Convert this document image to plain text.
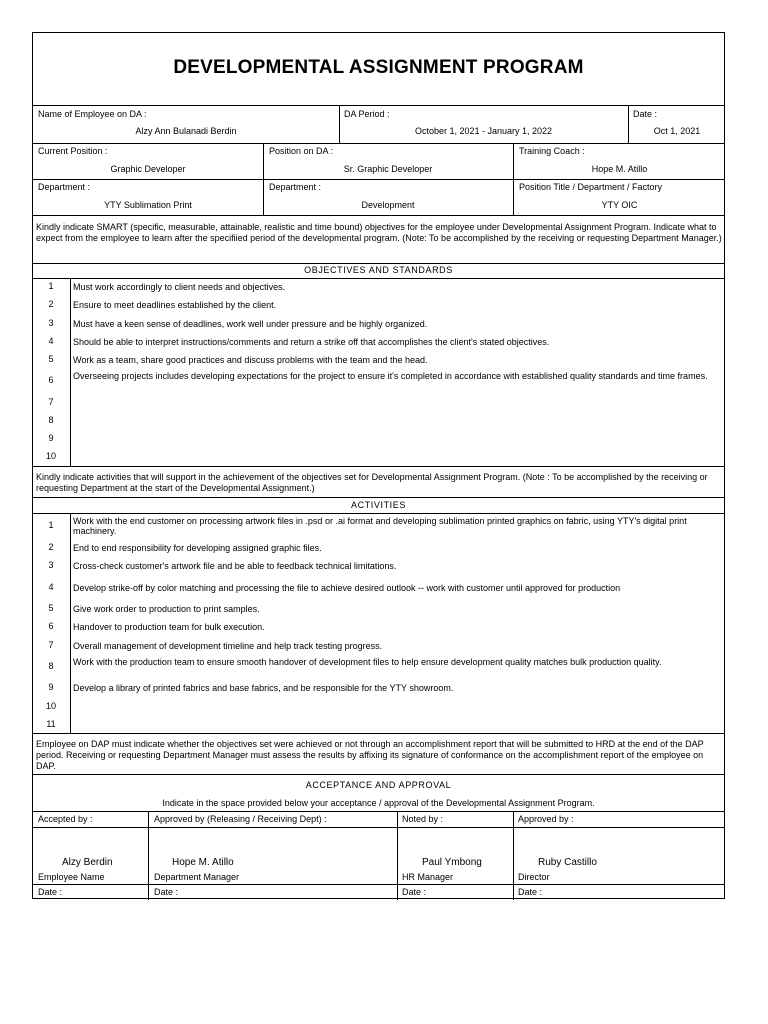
DEVELOPMENTAL ASSIGNMENT PROGRAM
Name of Employee on DA :
Alzy Ann Bulanadi Berdin
DA Period :
October 1, 2021 - January 1, 2022
Date :
Oct 1, 2021
Current Position :
Graphic Developer
Position on DA :
Sr. Graphic Developer
Training Coach :
Hope M. Atillo
Department :
YTY Sublimation Print
Department :
Development
Position Title / Department / Factory
YTY OIC
Kindly indicate SMART (specific, measurable, attainable, realistic and time bound) objectives for the employee under Developmental Assignment Program. Indicate what to expect from the employee to learn after the specifiied period of the developmental program. (Note: To be accomplished by the receiving or requesting Department Manager.)
OBJECTIVES AND STANDARDS
1	Must work accordingly to client needs and objectives.
2	Ensure to meet deadlines established by the client.
3	Must have a keen sense of deadlines, work well under pressure and be highly organized.
4	Should be able to interpret instructions/comments and return a strike off that accomplishes the client's stated objectives.
5	Work as a team, share good practices and discuss problems with the team and the head.
6	Overseeing projects includes developing expectations for the project to ensure it's completed in accordance with established quality standards and time frames.
7
8
9
10
Kindly indicate activities that will support in the achievement of the objectives set for Developmental Assignment Program. (Note : To be accomplished by the receiving or requesting Department at the start of the Developmental Assignment.)
ACTIVITIES
1	Work with the end customer on processing artwork files in .psd or .ai format and developing sublimation printed graphics on fabric, using YTY's digital print machinery.
2	End to end responsibility for developing assigned graphic files.
3	Cross-check customer's artwork file and be able to feedback technical limitations.
4	Develop strike-off by color matching and processing the file to achieve desired outlook -- work with customer until approved for production
5	Give work order to production to print samples.
6	Handover to production team for bulk execution.
7	Overall management of development timeline and help track testing progress.
8	Work with the production team to ensure smooth handover of development files to help ensure development quality matches bulk production quality.
9	Develop a library of printed fabrics and base fabrics, and be responsible for the YTY showroom.
10
11
Employee on DAP must indicate whether the objectives set were achieved or not through an accomplishment report that will be submitted to HRD at the end of the DAP period. Receiving or requesting Department Manager must assess the results by affixing its signature of conformance on the accomplishment report of the employee on DAP.
ACCEPTANCE AND APPROVAL
Indicate in the space provided below your acceptance / approval of the Developmental Assignment Program.
Accepted by :	Approved by (Releasing / Receiving Dept) :	Noted by :	Approved by :
Alzy Berdin	Hope M. Atillo	Paul Ymbong	Ruby Castillo
Employee Name	Department Manager	HR Manager	Director
Date :	Date :	Date :	Date :
